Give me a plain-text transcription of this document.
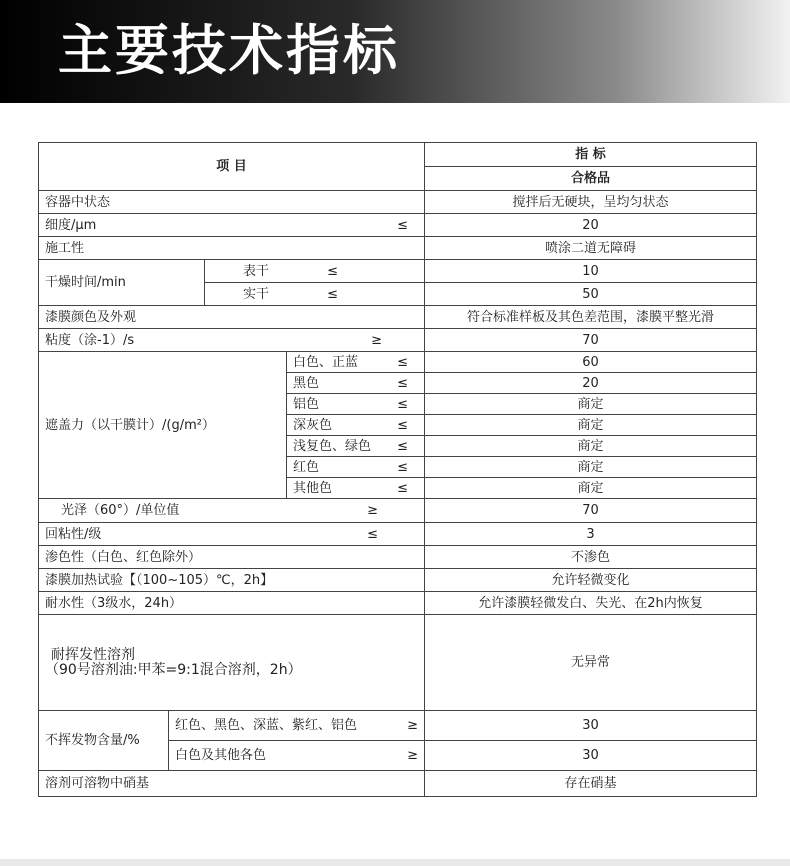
主要技术指标
项 目				指 标
				合格品
容器中状态				搅拌后无硬块，呈均匀状态

细度/μm ≤				20
施工性				喷涂二道无障碍
干燥时间/min		表干 ≤		10

		实干 ≤		50
漆膜颜色及外观				符合标准样板及其色差范围，漆膜平整光滑

粘度（涂-1）/s ≥				70
遮盖力（以干膜计）/(g/m²）			白色、正蓝 ≤	60

			黑色 ≤	20

			铝色 ≤	商定

			深灰色 ≤	商定

			浅复色、绿色 ≤	商定

			红色 ≤	商定

			其他色 ≤	商定

光泽（60°）/单位值 ≥				70

回粘性/级 ≤				3
渗色性（白色、红色除外）				不渗色
漆膜加热试验【（100~105）℃，2h】				允许轻微变化
耐水性（3级水，24h）				允许漆膜轻微发白、失光、在2h内恢复

耐挥发性溶剂
（90号溶剂油:甲苯=9:1混合溶剂，2h）				无异常
不挥发物含量/%	红色、黑色、深蓝、紫红、铝色 ≥			30

	白色及其他各色 ≥			30
溶剂可溶物中硝基				存在硝基
